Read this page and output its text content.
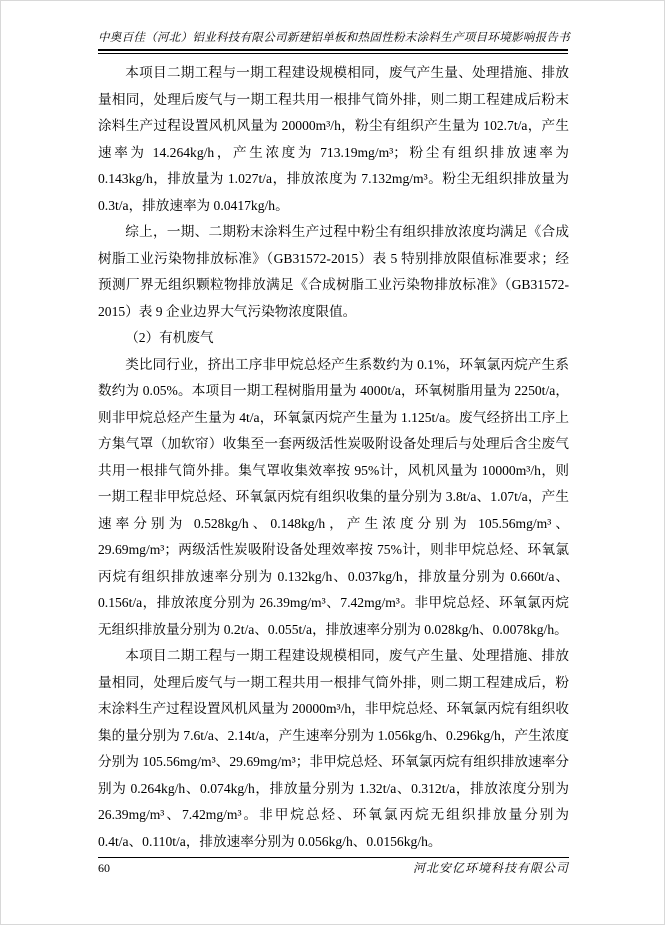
中奥百佳（河北）铝业科技有限公司新建铝单板和热固性粉末涂料生产项目环境影响报告书

本项目二期工程与一期工程建设规模相同，废气产生量、处理措施、排放量相同，处理后废气与一期工程共用一根排气筒外排，则二期工程建成后粉末涂料生产过程设置风机风量为 20000m³/h，粉尘有组织产生量为 102.7t/a，产生速率为 14.264kg/h，产生浓度为 713.19mg/m³；粉尘有组织排放速率为 0.143kg/h，排放量为 1.027t/a，排放浓度为 7.132mg/m³。粉尘无组织排放量为 0.3t/a，排放速率为 0.0417kg/h。

综上，一期、二期粉末涂料生产过程中粉尘有组织排放浓度均满足《合成树脂工业污染物排放标准》（GB31572-2015）表 5 特别排放限值标准要求；经预测厂界无组织颗粒物排放满足《合成树脂工业污染物排放标准》（GB31572-2015）表 9 企业边界大气污染物浓度限值。

（2）有机废气

类比同行业，挤出工序非甲烷总烃产生系数约为 0.1%，环氧氯丙烷产生系数约为 0.05%。本项目一期工程树脂用量为 4000t/a，环氧树脂用量为 2250t/a，则非甲烷总烃产生量为 4t/a，环氧氯丙烷产生量为 1.125t/a。废气经挤出工序上方集气罩（加软帘）收集至一套两级活性炭吸附设备处理后与处理后含尘废气共用一根排气筒外排。集气罩收集效率按 95%计，风机风量为 10000m³/h，则一期工程非甲烷总烃、环氧氯丙烷有组织收集的量分别为 3.8t/a、1.07t/a，产生速率分别为 0.528kg/h、0.148kg/h，产生浓度分别为 105.56mg/m³、29.69mg/m³；两级活性炭吸附设备处理效率按 75%计，则非甲烷总烃、环氧氯丙烷有组织排放速率分别为 0.132kg/h、0.037kg/h，排放量分别为 0.660t/a、0.156t/a，排放浓度分别为 26.39mg/m³、7.42mg/m³。非甲烷总烃、环氧氯丙烷无组织排放量分别为 0.2t/a、0.055t/a，排放速率分别为 0.028kg/h、0.0078kg/h。

本项目二期工程与一期工程建设规模相同，废气产生量、处理措施、排放量相同，处理后废气与一期工程共用一根排气筒外排，则二期工程建成后，粉末涂料生产过程设置风机风量为 20000m³/h，非甲烷总烃、环氧氯丙烷有组织收集的量分别为 7.6t/a、2.14t/a，产生速率分别为 1.056kg/h、0.296kg/h，产生浓度分别为 105.56mg/m³、29.69mg/m³；非甲烷总烃、环氧氯丙烷有组织排放速率分别为 0.264kg/h、0.074kg/h，排放量分别为 1.32t/a、0.312t/a，排放浓度分别为 26.39mg/m³、7.42mg/m³。非甲烷总烃、环氧氯丙烷无组织排放量分别为 0.4t/a、0.110t/a，排放速率分别为 0.056kg/h、0.0156kg/h。

60	河北安亿环境科技有限公司
